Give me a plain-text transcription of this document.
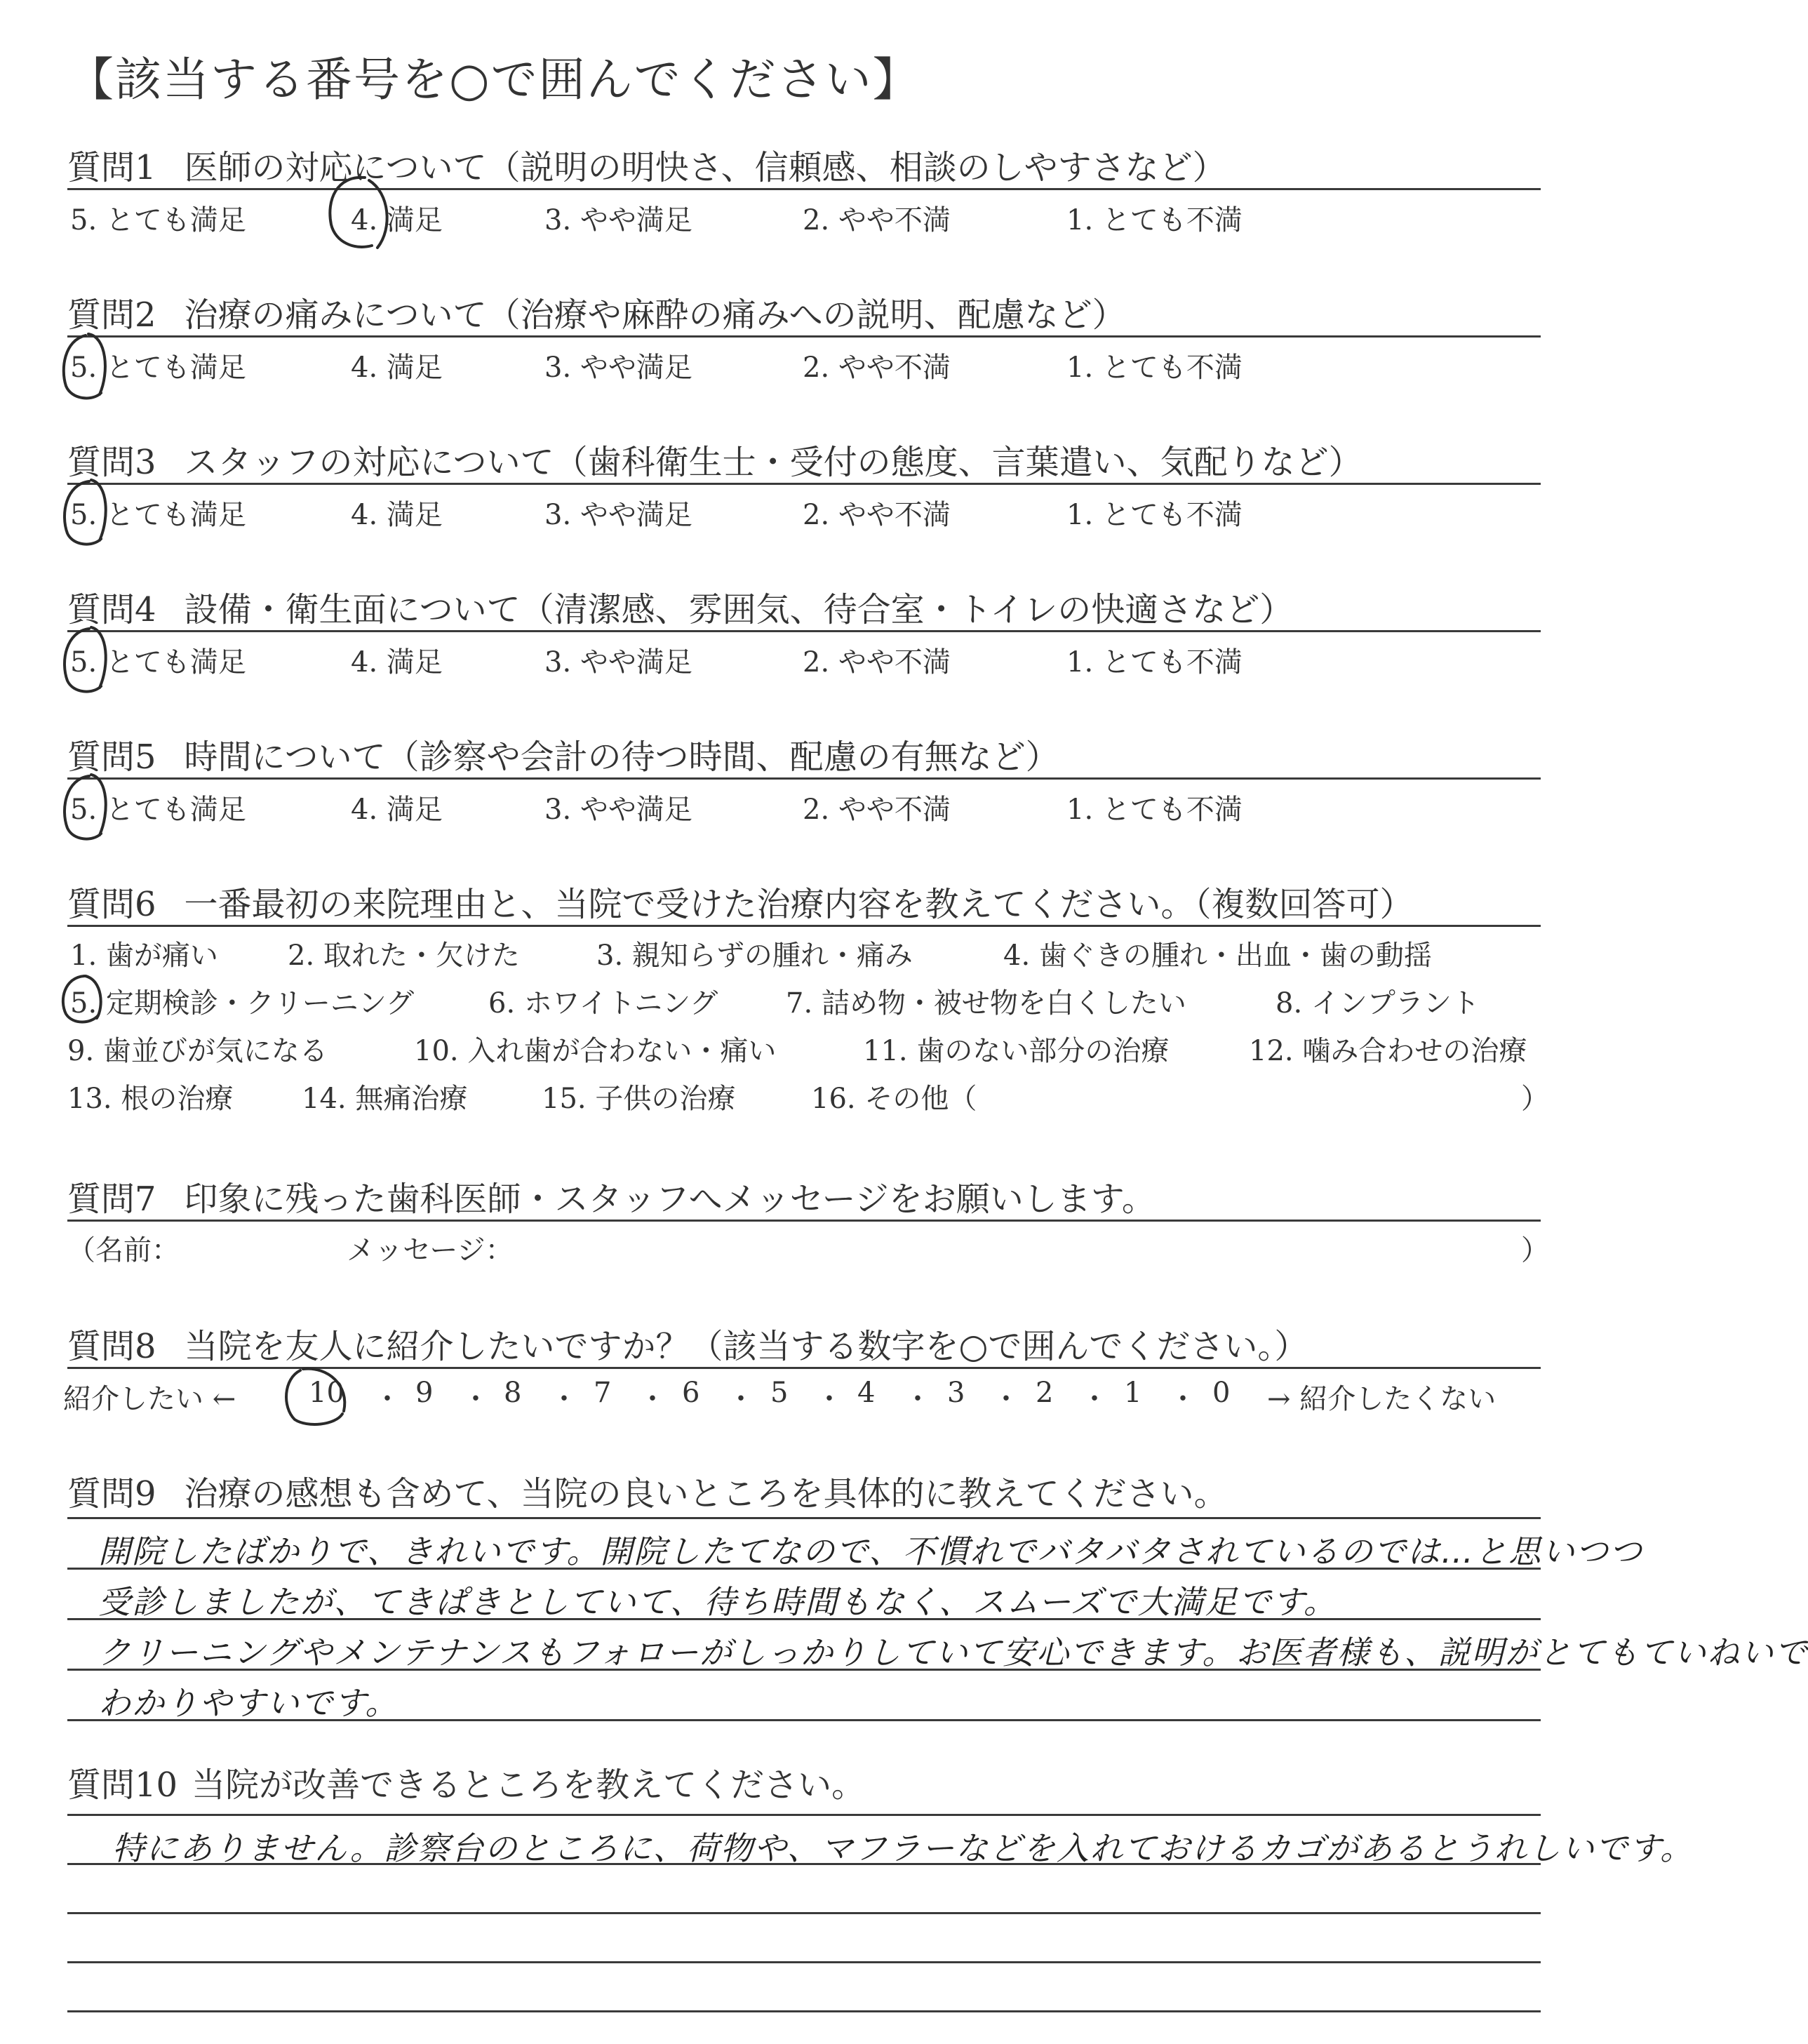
【該当する番号を○で囲んでください】
質問1 医師の対応について（説明の明快さ、信頼感、相談のしやすさなど）
5. とても満足	4. 満足	3. やや満足	2. やや不満	1. とても不満
質問2 治療の痛みについて（治療や麻酔の痛みへの説明、配慮など）
5. とても満足	4. 満足	3. やや満足	2. やや不満	1. とても不満
質問3 スタッフの対応について（歯科衛生士・受付の態度、言葉遣い、気配りなど）
5. とても満足	4. 満足	3. やや満足	2. やや不満	1. とても不満
質問4 設備・衛生面について（清潔感、雰囲気、待合室・トイレの快適さなど）
5. とても満足	4. 満足	3. やや満足	2. やや不満	1. とても不満
質問5 時間について（診察や会計の待つ時間、配慮の有無など）
5. とても満足	4. 満足	3. やや満足	2. やや不満	1. とても不満
質問6 一番最初の来院理由と、当院で受けた治療内容を教えてください。（複数回答可）
1. 歯が痛い 2. 取れた・欠けた	3. 親知らずの腫れ・痛み	4. 歯ぐきの腫れ・出血・歯の動揺
5. 定期検診・クリーニング	6. ホワイトニング 7. 詰め物・被せ物を白くしたい	8. インプラント
9. 歯並びが気になる	10. 入れ歯が合わない・痛い	11. 歯のない部分の治療	12. 噛み合わせの治療
13. 根の治療 14. 無痛治療	15. 子供の治療	16. その他（	）
質問7 印象に残った歯科医師・スタッフへメッセージをお願いします。
（名前：	メッセージ：	）
質問8 当院を友人に紹介したいですか？（該当する数字を○で囲んでください。）
紹介したい ←	10 ・ 9 ・ 8 ・ 7 ・ 6 ・ 5 ・ 4 ・ 3 ・ 2 ・ 1 ・ 0 → 紹介したくない
質問9 治療の感想も含めて、当院の良いところを具体的に教えてください。
開院したばかりで、きれいです。開院したてなので、不慣れでバタバタされているのでは…と思いつつ
受診しましたが、てきぱきとしていて、待ち時間もなく、スムーズで大満足です。
クリーニングやメンテナンスもフォローがしっかりしていて安心できます。お医者様も、説明がとてもていねいで
わかりやすいです。
質問10 当院が改善できるところを教えてください。
特にありません。診察台のところに、荷物や、マフラーなどを入れておけるカゴがあるとうれしいです。
